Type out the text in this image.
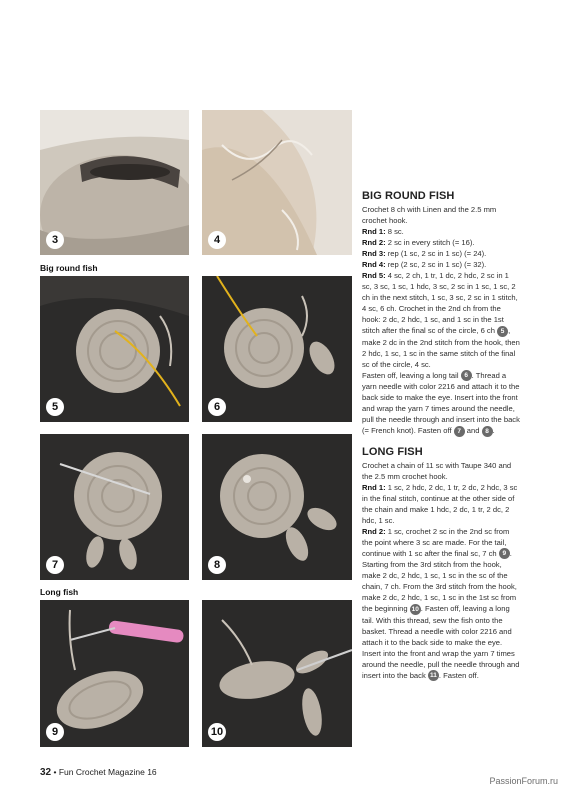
3	4
Big round fish
5	6
7	8
Long fish
9	10
BIG ROUND FISH

Crochet 8 ch with Linen and the 2.5 mm crochet hook.

Rnd 1: 8 sc.

Rnd 2: 2 sc in every stitch (= 16).

Rnd 3: rep (1 sc, 2 sc in 1 sc) (= 24).

Rnd 4: rep (2 sc, 2 sc in 1 sc) (= 32).

Rnd 5: 4 sc, 2 ch, 1 tr, 1 dc, 2 hdc, 2 sc in 1 sc, 3 sc, 1 sc, 1 hdc, 3 sc, 2 sc in 1 sc, 1 sc, 2 ch in the next stitch, 1 sc, 3 sc, 2 sc in 1 stitch, 4 sc, 6 ch. Crochet in the 2nd ch from the hook: 2 dc, 2 hdc, 1 sc, and 1 sc in the 1st stitch after the final sc of the circle, 6 ch 5 , make 2 dc in the 2nd stitch from the hook, then 2 hdc, 1 sc, 1 sc in the same stitch of the final sc of the circle, 4 sc.

Fasten off, leaving a long tail 6 . Thread a yarn needle with color 2216 and attach it to the back side to make the eye. Insert into the front and wrap the yarn 7 times around the needle, pull the needle through and insert into the back (= French knot). Fasten off 7 and 8 .

LONG FISH

Crochet a chain of 11 sc with Taupe 340 and the 2.5 mm crochet hook.

Rnd 1: 1 sc, 2 hdc, 2 dc, 1 tr, 2 dc, 2 hdc, 3 sc in the final stitch, continue at the other side of the chain and make 1 hdc, 2 dc, 1 tr, 2 dc, 2 hdc, 1 sc.

Rnd 2: 1 sc, crochet 2 sc in the 2nd sc from the point where 3 sc are made. For the tail, continue with 1 sc after the final sc, 7 ch 9 .

Starting from the 3rd stitch from the hook, make 2 dc, 2 hdc, 1 sc, 1 sc in the sc of the chain, 7 ch. From the 3rd stitch from the hook, make 2 dc, 2 hdc, 1 sc, 1 sc in the 1st sc from the beginning 10 . Fasten off, leaving a long tail. With this thread, sew the fish onto the basket. Thread a needle with color 2216 and attach it to the back side to make the eye. Insert into the front and wrap the yarn 7 times around the needle, pull the needle through and insert into the back 11 . Fasten off.

32 • Fun Crochet Magazine 16
PassionForum.ru
